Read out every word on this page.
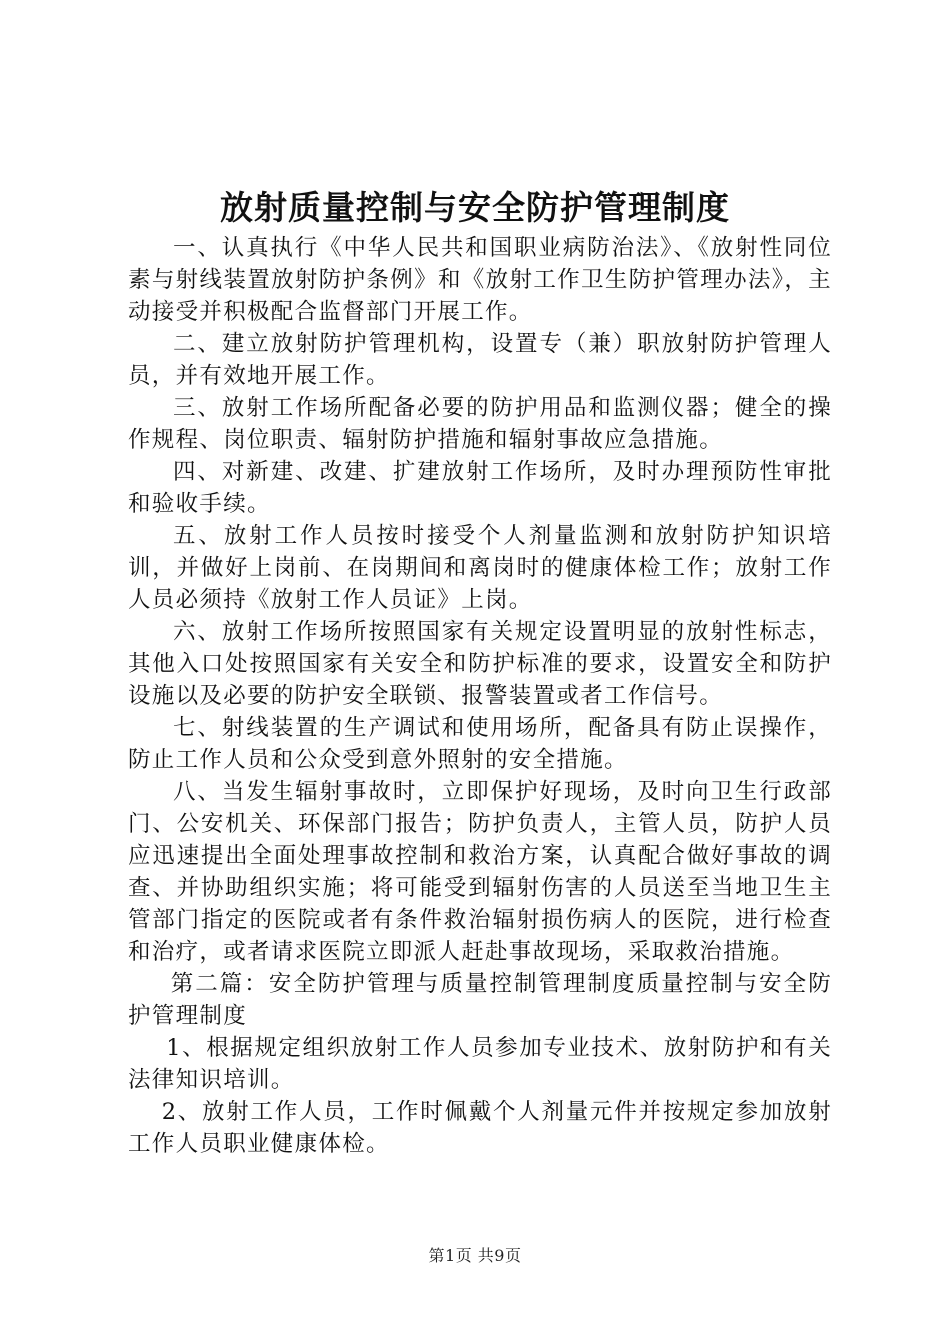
放射质量控制与安全防护管理制度

一、认真执行《中华人民共和国职业病防治法》、《放射性同位素与射线装置放射防护条例》和《放射工作卫生防护管理办法》，主动接受并积极配合监督部门开展工作。

二、建立放射防护管理机构，设置专（兼）职放射防护管理人员，并有效地开展工作。

三、放射工作场所配备必要的防护用品和监测仪器；健全的操作规程、岗位职责、辐射防护措施和辐射事故应急措施。

四、对新建、改建、扩建放射工作场所，及时办理预防性审批和验收手续。

五、放射工作人员按时接受个人剂量监测和放射防护知识培训，并做好上岗前、在岗期间和离岗时的健康体检工作；放射工作人员必须持《放射工作人员证》上岗。

六、放射工作场所按照国家有关规定设置明显的放射性标志，其他入口处按照国家有关安全和防护标准的要求，设置安全和防护设施以及必要的防护安全联锁、报警装置或者工作信号。

七、射线装置的生产调试和使用场所，配备具有防止误操作，防止工作人员和公众受到意外照射的安全措施。

八、当发生辐射事故时，立即保护好现场，及时向卫生行政部门、公安机关、环保部门报告；防护负责人，主管人员，防护人员应迅速提出全面处理事故控制和救治方案，认真配合做好事故的调查、并协助组织实施；将可能受到辐射伤害的人员送至当地卫生主管部门指定的医院或者有条件救治辐射损伤病人的医院，进行检查和治疗，或者请求医院立即派人赶赴事故现场，采取救治措施。

第二篇：安全防护管理与质量控制管理制度质量控制与安全防护管理制度

1、根据规定组织放射工作人员参加专业技术、放射防护和有关法律知识培训。

2、放射工作人员，工作时佩戴个人剂量元件并按规定参加放射工作人员职业健康体检。

第1页 共9页
